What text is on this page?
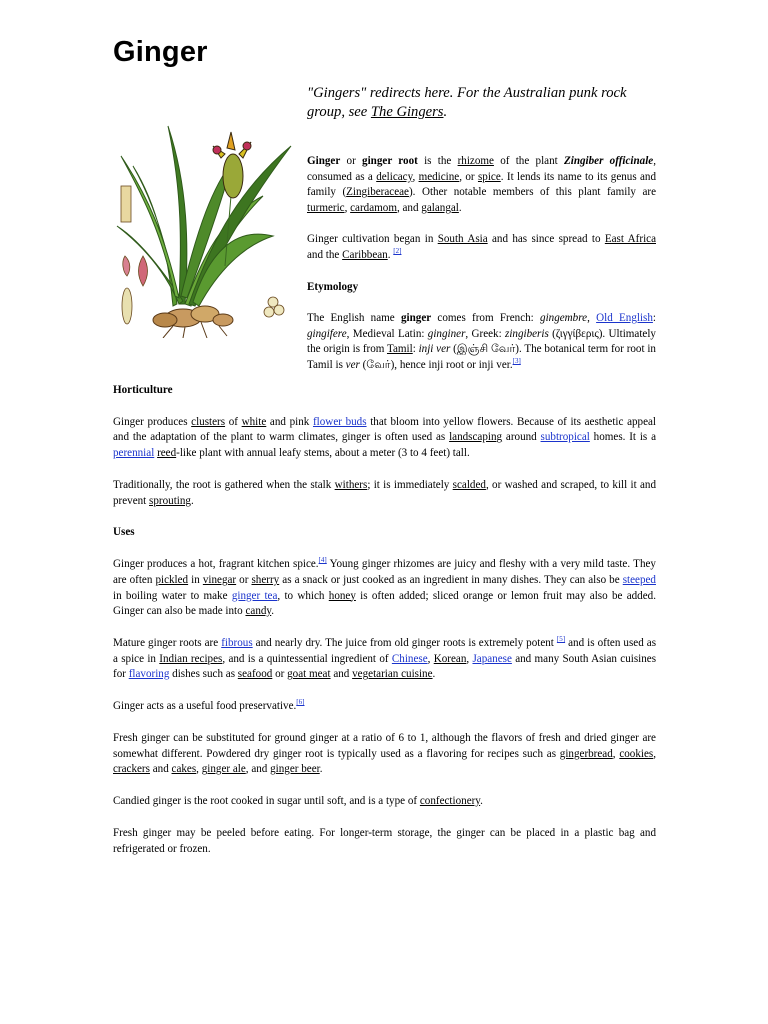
Ginger
"Gingers" redirects here. For the Australian punk rock group, see The Gingers.

Ginger or ginger root is the rhizome of the plant Zingiber officinale, consumed as a delicacy, medicine, or spice. It lends its name to its genus and family (Zingiberaceae). Other notable members of this plant family are turmeric, cardamom, and galangal.

Ginger cultivation began in South Asia and has since spread to East Africa and the Caribbean. [2]

Etymology

The English name ginger comes from French: gingembre, Old English: gingifere, Medieval Latin: ginginer, Greek: zingiberis (ζιγγίβερις). Ultimately the origin is from Tamil: inji ver (இஞ்சி வேர்). The botanical term for root in Tamil is ver (வேர்), hence inji root or inji ver.[3]

Horticulture

Ginger produces clusters of white and pink flower buds that bloom into yellow flowers. Because of its aesthetic appeal and the adaptation of the plant to warm climates, ginger is often used as landscaping around subtropical homes. It is a perennial reed-like plant with annual leafy stems, about a meter (3 to 4 feet) tall.

Traditionally, the root is gathered when the stalk withers; it is immediately scalded, or washed and scraped, to kill it and prevent sprouting.

Uses

Ginger produces a hot, fragrant kitchen spice.[4] Young ginger rhizomes are juicy and fleshy with a very mild taste. They are often pickled in vinegar or sherry as a snack or just cooked as an ingredient in many dishes. They can also be steeped in boiling water to make ginger tea, to which honey is often added; sliced orange or lemon fruit may also be added. Ginger can also be made into candy.

Mature ginger roots are fibrous and nearly dry. The juice from old ginger roots is extremely potent [5] and is often used as a spice in Indian recipes, and is a quintessential ingredient of Chinese, Korean, Japanese and many South Asian cuisines for flavoring dishes such as seafood or goat meat and vegetarian cuisine.

Ginger acts as a useful food preservative.[6]

Fresh ginger can be substituted for ground ginger at a ratio of 6 to 1, although the flavors of fresh and dried ginger are somewhat different. Powdered dry ginger root is typically used as a flavoring for recipes such as gingerbread, cookies, crackers and cakes, ginger ale, and ginger beer.

Candied ginger is the root cooked in sugar until soft, and is a type of confectionery.

Fresh ginger may be peeled before eating. For longer-term storage, the ginger can be placed in a plastic bag and refrigerated or frozen.
